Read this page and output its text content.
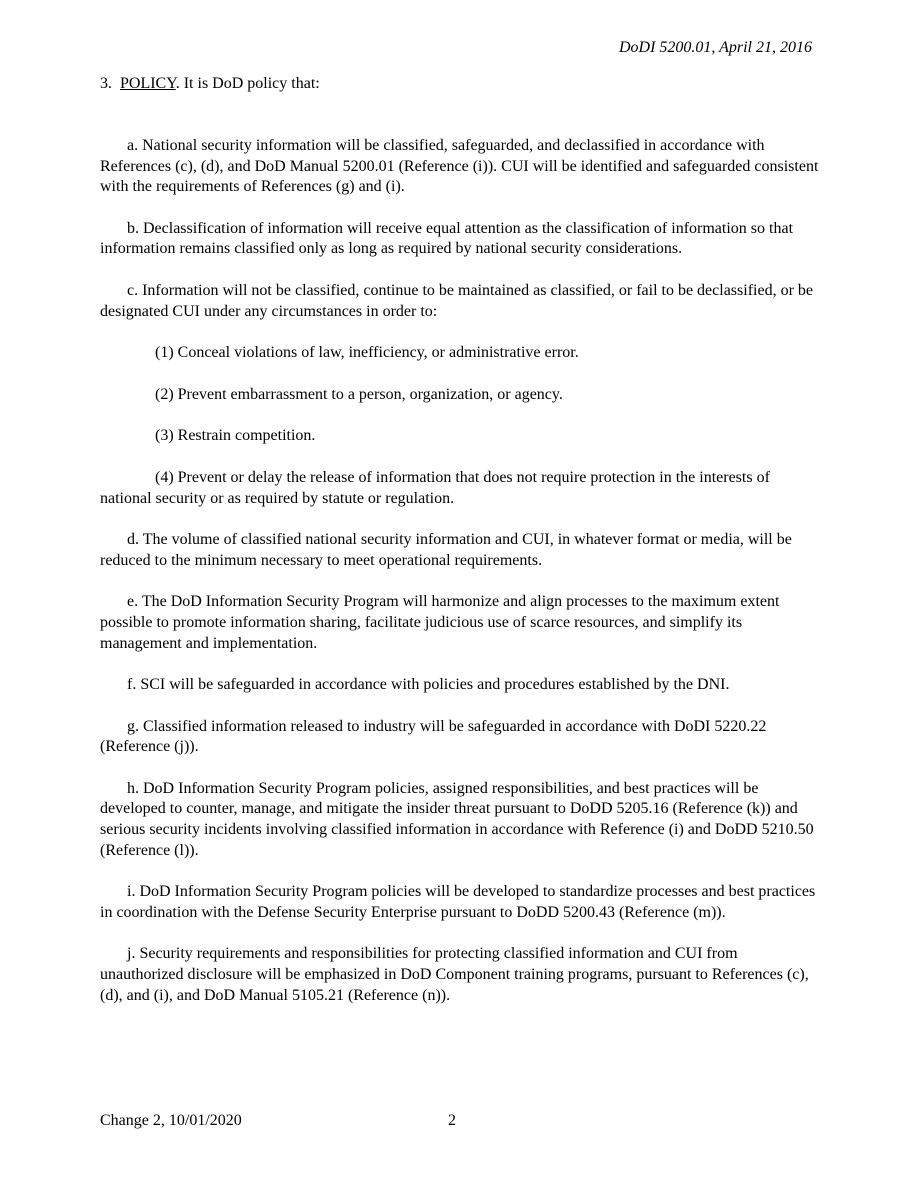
DoDI 5200.01, April 21, 2016
3. POLICY. It is DoD policy that:

a. National security information will be classified, safeguarded, and declassified in accordance with References (c), (d), and DoD Manual 5200.01 (Reference (i)). CUI will be identified and safeguarded consistent with the requirements of References (g) and (i).

b. Declassification of information will receive equal attention as the classification of information so that information remains classified only as long as required by national security considerations.

c. Information will not be classified, continue to be maintained as classified, or fail to be declassified, or be designated CUI under any circumstances in order to:

(1) Conceal violations of law, inefficiency, or administrative error.

(2) Prevent embarrassment to a person, organization, or agency.

(3) Restrain competition.

(4) Prevent or delay the release of information that does not require protection in the interests of national security or as required by statute or regulation.

d. The volume of classified national security information and CUI, in whatever format or media, will be reduced to the minimum necessary to meet operational requirements.

e. The DoD Information Security Program will harmonize and align processes to the maximum extent possible to promote information sharing, facilitate judicious use of scarce resources, and simplify its management and implementation.

f. SCI will be safeguarded in accordance with policies and procedures established by the DNI.

g. Classified information released to industry will be safeguarded in accordance with DoDI 5220.22 (Reference (j)).

h. DoD Information Security Program policies, assigned responsibilities, and best practices will be developed to counter, manage, and mitigate the insider threat pursuant to DoDD 5205.16 (Reference (k)) and serious security incidents involving classified information in accordance with Reference (i) and DoDD 5210.50 (Reference (l)).

i. DoD Information Security Program policies will be developed to standardize processes and best practices in coordination with the Defense Security Enterprise pursuant to DoDD 5200.43 (Reference (m)).

j. Security requirements and responsibilities for protecting classified information and CUI from unauthorized disclosure will be emphasized in DoD Component training programs, pursuant to References (c), (d), and (i), and DoD Manual 5105.21 (Reference (n)).

Change 2, 10/01/2020	2
